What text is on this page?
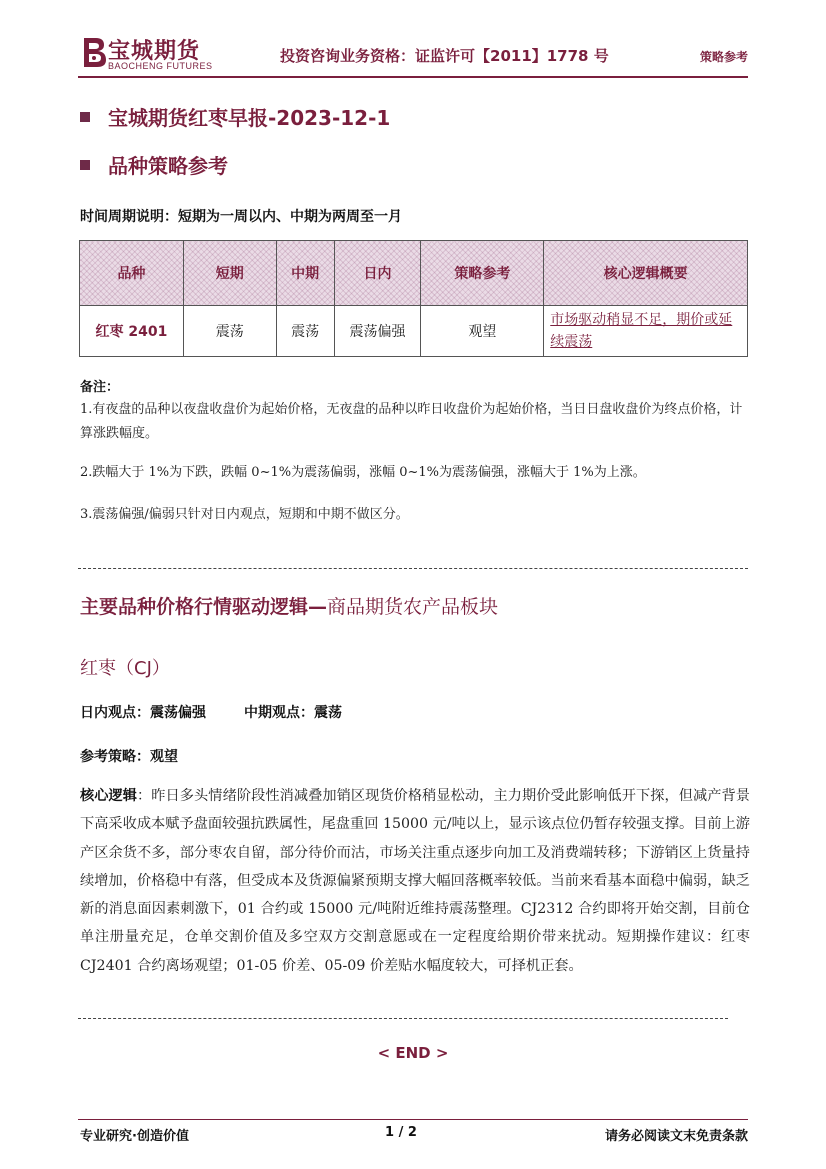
宝城期货
BAOCHENG FUTURES
投资咨询业务资格：证监许可【2011】1778 号	策略参考
宝城期货红枣早报-2023-12-1
品种策略参考
时间周期说明：短期为一周以内、中期为两周至一月
品种	短期	中期	日内	策略参考	核心逻辑概要
红枣 2401	震荡	震荡	震荡偏强	观望	市场驱动稍显不足，期价或延续震荡
备注：
1.有夜盘的品种以夜盘收盘价为起始价格，无夜盘的品种以昨日收盘价为起始价格，当日日盘收盘价为终点价格，计算涨跌幅度。
2.跌幅大于 1%为下跌，跌幅 0~1%为震荡偏弱，涨幅 0~1%为震荡偏强，涨幅大于 1%为上涨。
3.震荡偏强/偏弱只针对日内观点，短期和中期不做区分。
主要品种价格行情驱动逻辑—商品期货农产品板块
红枣（CJ）
日内观点：震荡偏强	中期观点：震荡
参考策略：观望
核心逻辑：昨日多头情绪阶段性消减叠加销区现货价格稍显松动，主力期价受此影响低开下探，但减产背景下高采收成本赋予盘面较强抗跌属性，尾盘重回 15000 元/吨以上，显示该点位仍暂存较强支撑。目前上游产区余货不多，部分枣农自留，部分待价而沽，市场关注重点逐步向加工及消费端转移；下游销区上货量持续增加，价格稳中有落，但受成本及货源偏紧预期支撑大幅回落概率较低。当前来看基本面稳中偏弱，缺乏新的消息面因素刺激下，01 合约或 15000 元/吨附近维持震荡整理。CJ2312 合约即将开始交割，目前仓单注册量充足，仓单交割价值及多空双方交割意愿或在一定程度给期价带来扰动。短期操作建议：红枣 CJ2401 合约离场观望；01-05 价差、05-09 价差贴水幅度较大，可择机正套。
< END >
专业研究·创造价值	1 / 2	请务必阅读文末免责条款
